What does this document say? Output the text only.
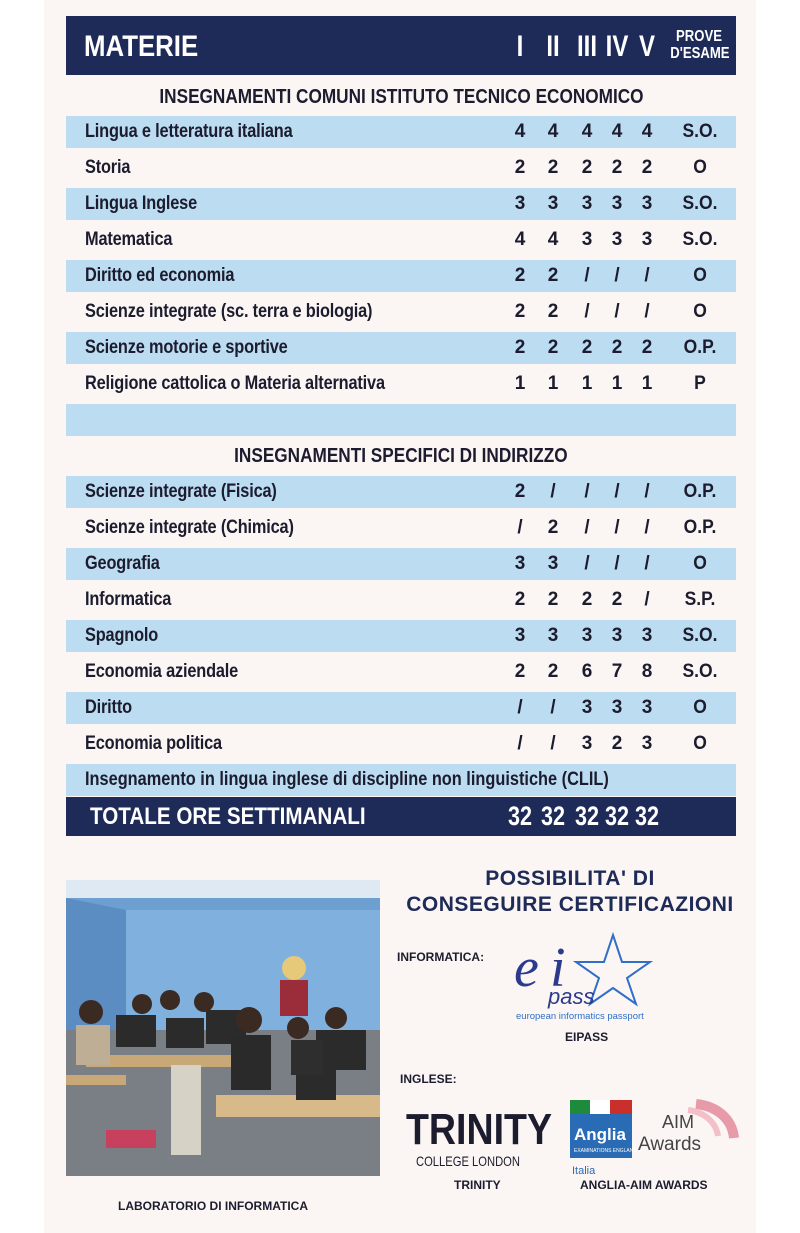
MATERIE	I II III IV V	PROVE
D'ESAME
INSEGNAMENTI COMUNI ISTITUTO TECNICO ECONOMICO
Lingua e letteratura italiana	4	4	4	4	4	S.O.
Storia	2	2	2	2	2	O
Lingua Inglese	3	3	3	3	3	S.O.
Matematica	4	4	3	3	3	S.O.
Diritto ed economia	2	2	/	/	/	O
Scienze integrate (sc. terra e biologia)	2	2	/	/	/	O
Scienze motorie e sportive	2	2	2	2	2	O.P.
Religione cattolica o Materia alternativa	1	1	1	1	1	P
INSEGNAMENTI SPECIFICI DI INDIRIZZO
Scienze integrate (Fisica)	2	/	/	/	/	O.P.
Scienze integrate (Chimica)	/	2	/	/	/	O.P.
Geografia	3	3	/	/	/	O
Informatica	2	2	2	2	/	S.P.
Spagnolo	3	3	3	3	3	S.O.
Economia aziendale	2	2	6	7	8	S.O.
Diritto	/	/	3	3	3	O
Economia politica	/	/	3	2	3	O
Insegnamento in lingua inglese di discipline non linguistiche (CLIL)
TOTALE ORE SETTIMANALI	32 32 32 32 32
LABORATORIO DI INFORMATICA
POSSIBILITA' DI
CONSEGUIRE CERTIFICAZIONI
INFORMATICA: e i
pass
european informatics passport
EIPASS
INGLESE:
TRINITY
COLLEGE LONDON
TRINITY
Anglia
EXAMINATIONS ENGLAND
Italia
AIM
Awards
ANGLIA-AIM AWARDS
